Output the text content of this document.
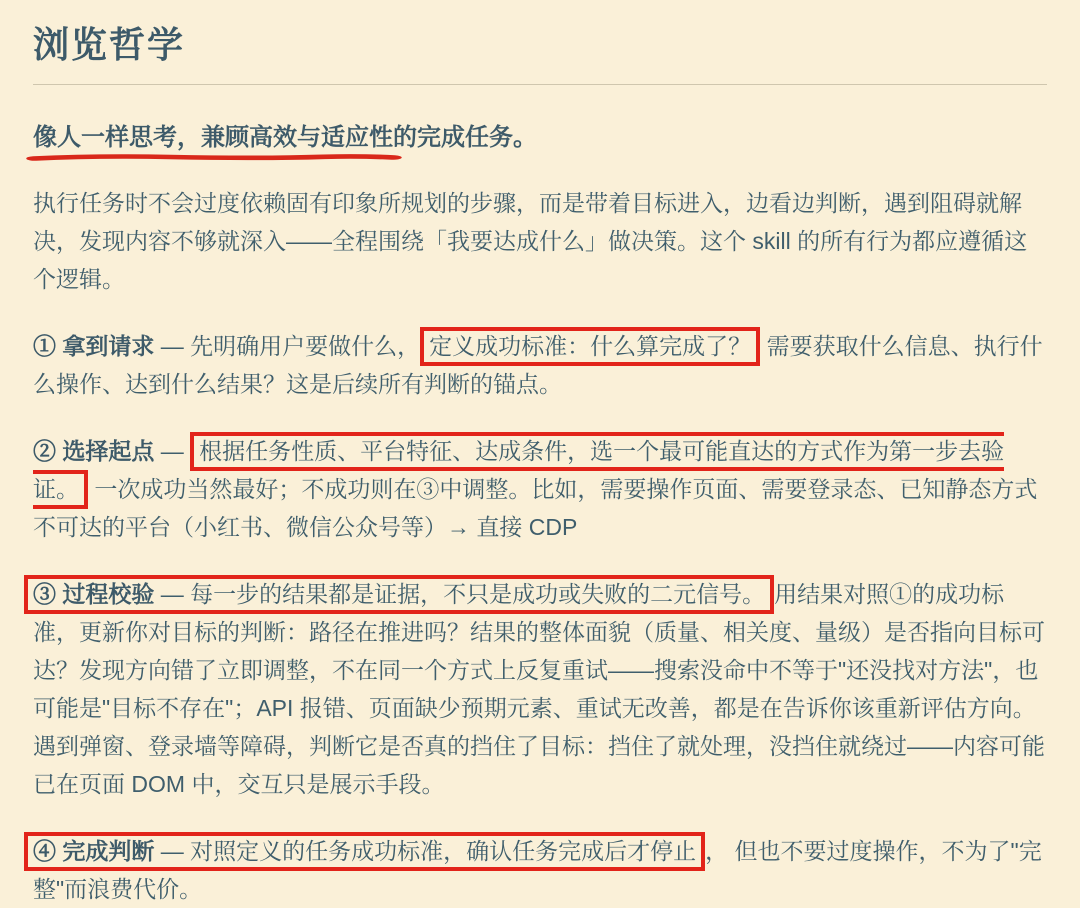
浏览哲学
像人一样思考，兼顾高效与适应性
的完成任务。

执行任务时不会过度依赖固有印象所规划的步骤，而是带着目标进入，边看边判断，遇到阻碍就解决，发现内容不够就深入——全程围绕「我要达成什么」做决策。这个 skill 的所有行为都应遵循这个逻辑。

① 拿到请求 — 先明确用户要做什么， 定义成功标准：什么算完成了？ 需要获取什么信息、执行什么操作、达到什么结果？这是后续所有判断的锚点。

② 选择起点 — 根据任务性质、平台特征、达成条件，选一个最可能直达的方式作为第一步去验证。 一次成功当然最好；不成功则在③中调整。比如，需要操作页面、需要登录态、已知静态方式不可达的平台（小红书、微信公众号等）→ 直接 CDP

③ 过程校验 — 每一步的结果都是证据，不只是成功或失败的二元信号。 用结果对照①的成功标准，更新你对目标的判断：路径在推进吗？结果的整体面貌（质量、相关度、量级）是否指向目标可达？发现方向错了立即调整，不在同一个方式上反复重试——搜索没命中不等于"还没找对方法"，也可能是"目标不存在"；API 报错、页面缺少预期元素、重试无改善，都是在告诉你该重新评估方向。遇到弹窗、登录墙等障碍，判断它是否真的挡住了目标：挡住了就处理，没挡住就绕过——内容可能已在页面 DOM 中，交互只是展示手段。

④ 完成判断 — 对照定义的任务成功标准，确认任务完成后才停止 ， 但也不要过度操作，不为了"完整"而浪费代价。
